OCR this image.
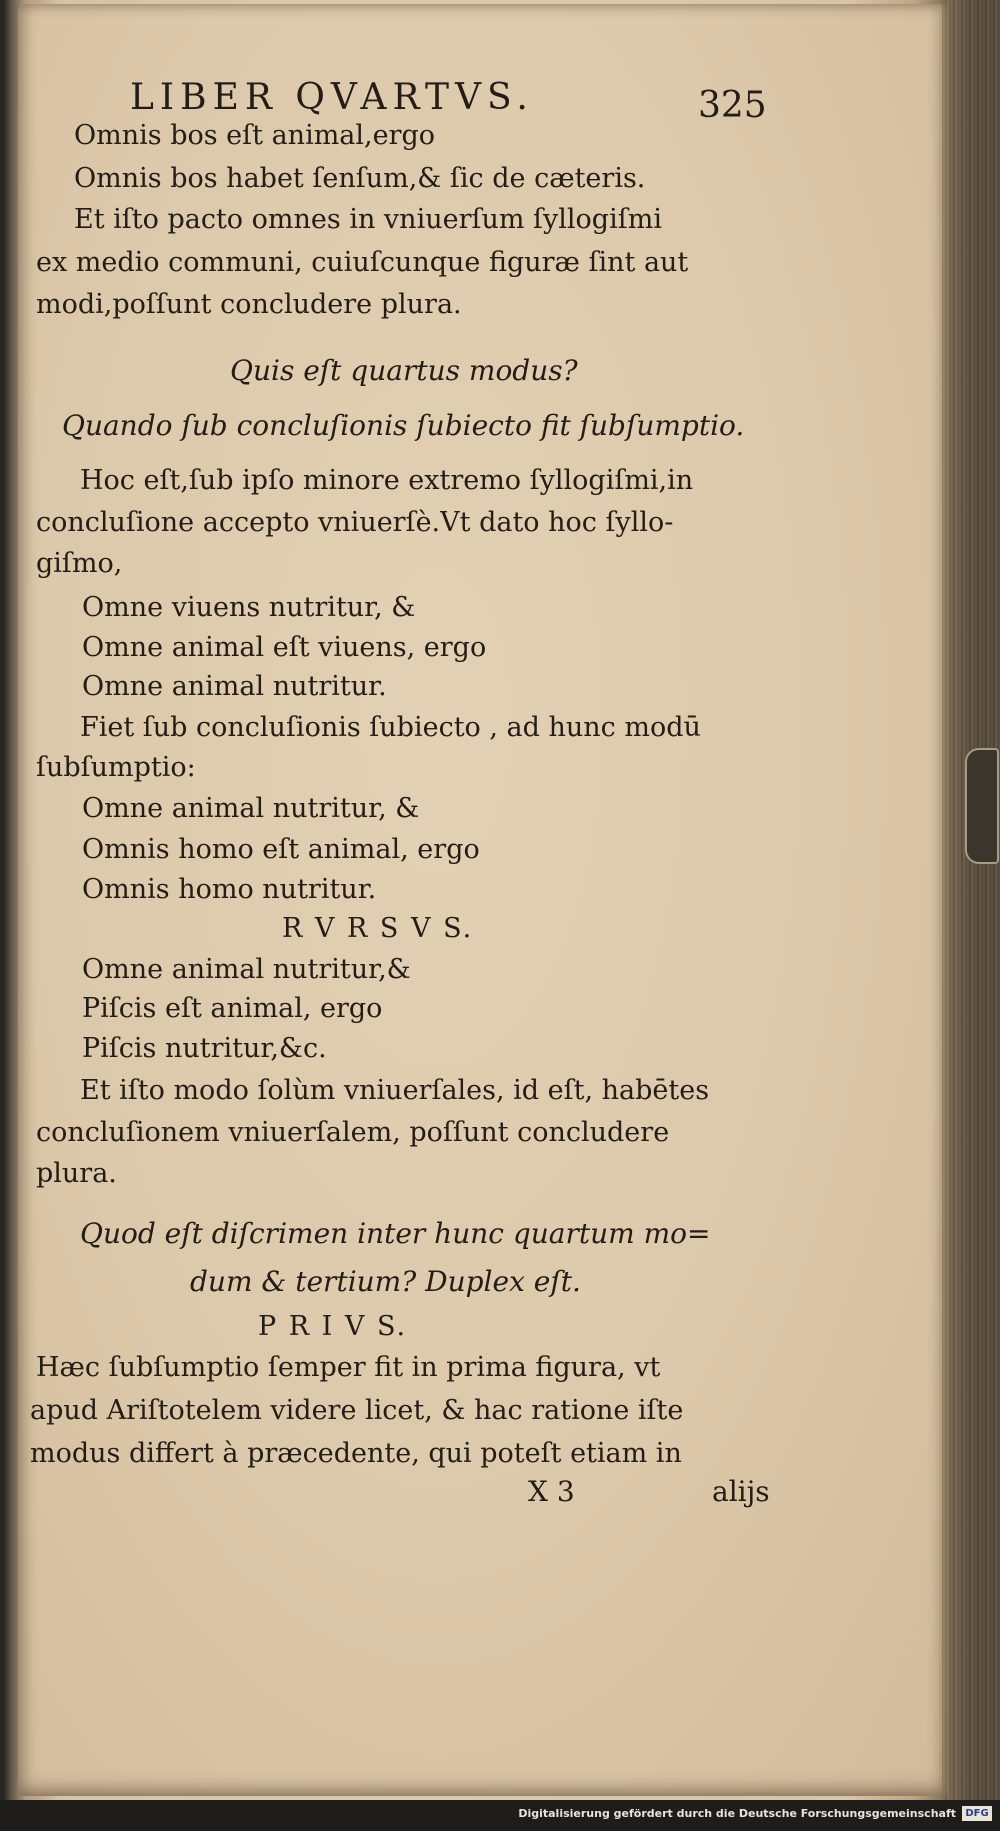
LIBER QVARTVS.	325
Omnis bos eſt animal,ergo
Omnis bos habet ſenſum,& ſic de cæteris.
Et iſto pacto omnes in vniuerſum ſyllogiſmi
ex medio communi, cuiuſcunque figuræ ſint aut
modi,poſſunt concludere plura.
Quis eſt quartus modus?
Quando ſub concluſionis ſubiecto fit ſubſumptio.
Hoc eſt,ſub ipſo minore extremo ſyllogiſmi,in
concluſione accepto vniuerſè.Vt dato hoc ſyllo-
giſmo,
Omne viuens nutritur, &
Omne animal eſt viuens, ergo
Omne animal nutritur.
Fiet ſub concluſionis ſubiecto , ad hunc modū
ſubſumptio:
Omne animal nutritur, &
Omnis homo eſt animal, ergo
Omnis homo nutritur.
R V R S V S.
Omne animal nutritur,&
Piſcis eſt animal, ergo
Piſcis nutritur,&c.
Et iſto modo ſolùm vniuerſales, id eſt, habētes
concluſionem vniuerſalem, poſſunt concludere
plura.
Quod eſt diſcrimen inter hunc quartum mo=
dum & tertium? Duplex eſt.
P R I V S.
Hæc ſubſumptio ſemper fit in prima figura, vt
apud Ariſtotelem videre licet, & hac ratione iſte
modus differt à præcedente, qui poteſt etiam in
X 3	alijs
Digitalisierung gefördert durch die Deutsche Forschungsgemeinschaft DFG
